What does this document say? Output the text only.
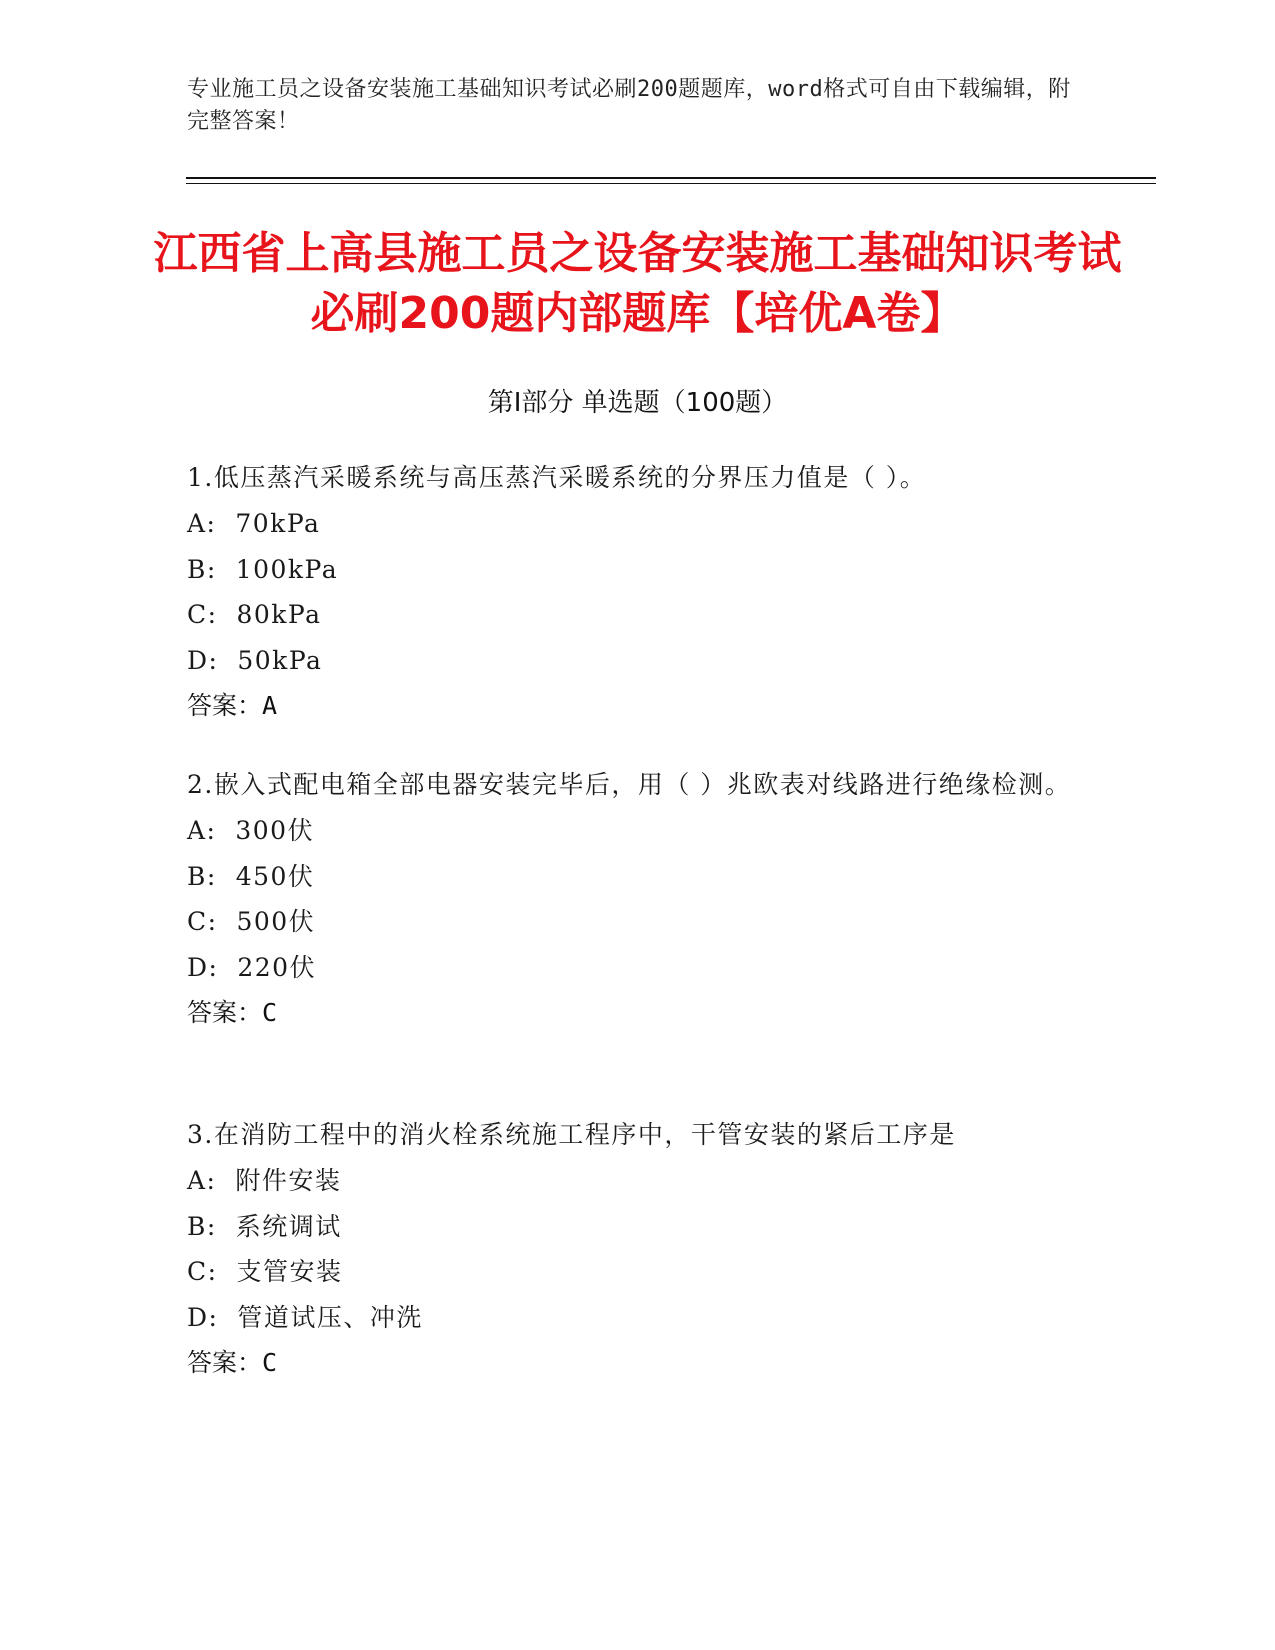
专业施工员之设备安装施工基础知识考试必刷200题题库，word格式可自由下载编辑，附完整答案！
江西省上高县施工员之设备安装施工基础知识考试必刷200题内部题库【培优A卷】
第I部分 单选题（100题）

1.低压蒸汽采暖系统与高压蒸汽采暖系统的分界压力值是（ ）。

A:  70kPa

B:  100kPa

C:  80kPa

D:  50kPa

答案：A

2.嵌入式配电箱全部电器安装完毕后，用（ ）兆欧表对线路进行绝缘检测。

A:  300伏

B:  450伏

C:  500伏

D:  220伏

答案：C

3.在消防工程中的消火栓系统施工程序中，干管安装的紧后工序是

A:  附件安装

B:  系统调试

C:  支管安装

D:  管道试压、冲洗

答案：C
